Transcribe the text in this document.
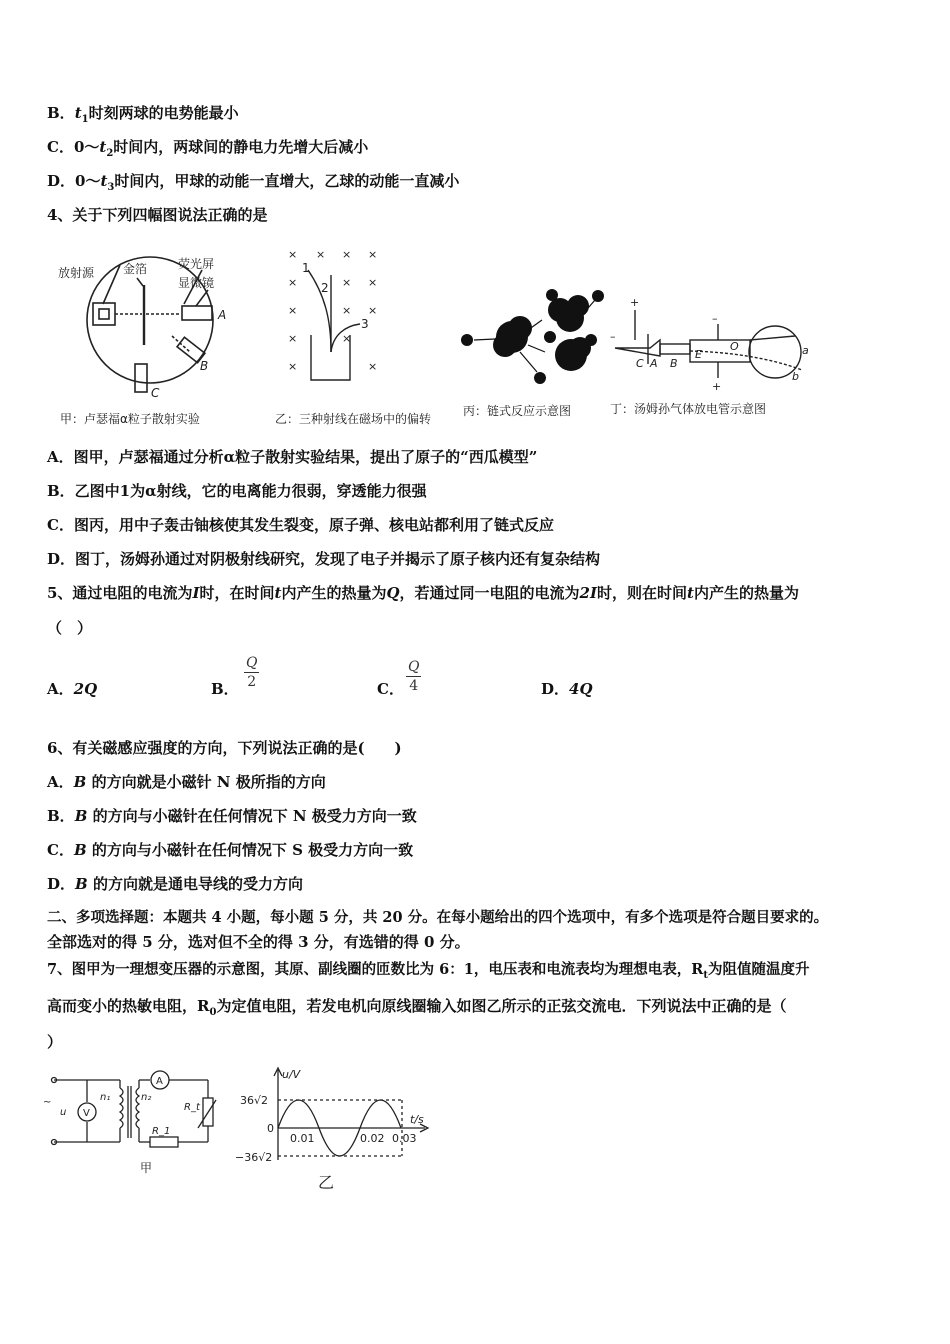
B．$t_1$时刻两球的电势能最小
C．$0\sim t_2$时间内，两球间的静电力先增大后减小
D．$0\sim t_3$时间内，甲球的动能一直增大，乙球的动能一直减小
4、关于下列四幅图说法正确的是
放射源 金箔	荧光屏
显微镜
A
B
C
甲：卢瑟福α粒子散射实验
× × × ×
×	× ×
×	× ×
×	×
×	×
1
2
3
乙：三种射线在磁场中的偏转
丙：链式反应示意图
+
–
+
–
C A B
E
O	a
b
丁：汤姆孙气体放电管示意图
A．图甲，卢瑟福通过分析α粒子散射实验结果，提出了原子的“西瓜模型”
B．乙图中1为α射线，它的电离能力很弱，穿透能力很强
C．图丙，用中子轰击铀核使其发生裂变，原子弹、核电站都利用了链式反应
D．图丁，汤姆孙通过对阴极射线研究，发现了电子并揭示了原子核内还有复杂结构
5、通过电阻的电流为I时，在时间t内产生的热量为Q，若通过同一电阻的电流为2I时，则在时间t内产生的热量为
（　）
A．2Q	B． $\frac{Q}{2}$	C． $\frac{Q}{4}$	D．4Q
6、有关磁感应强度的方向，下列说法正确的是(　　)
A．B 的方向就是小磁针 N 极所指的方向
B．B 的方向与小磁针在任何情况下 N 极受力方向一致
C．B 的方向与小磁针在任何情况下 S 极受力方向一致
D．B 的方向就是通电导线的受力方向
二、多项选择题：本题共 4 小题，每小题 5 分，共 20 分。在每小题给出的四个选项中，有多个选项是符合题目要求的。
全部选对的得 5 分，选对但不全的得 3 分，有选错的得 0 分。
7、图甲为一理想变压器的示意图，其原、副线圈的匝数比为 6：1，电压表和电流表均为理想电表，$R_t$为阻值随温度升
高而变小的热敏电阻，$R_0$为定值电阻，若发电机向原线圈输入如图乙所示的正弦交流电．下列说法中正确的是（
）
~
u V
n₁	n₂
A
R_t
R_1
甲
u/V
t/s
36√2
0
−36√2
0.01	0.02 0.03
乙
